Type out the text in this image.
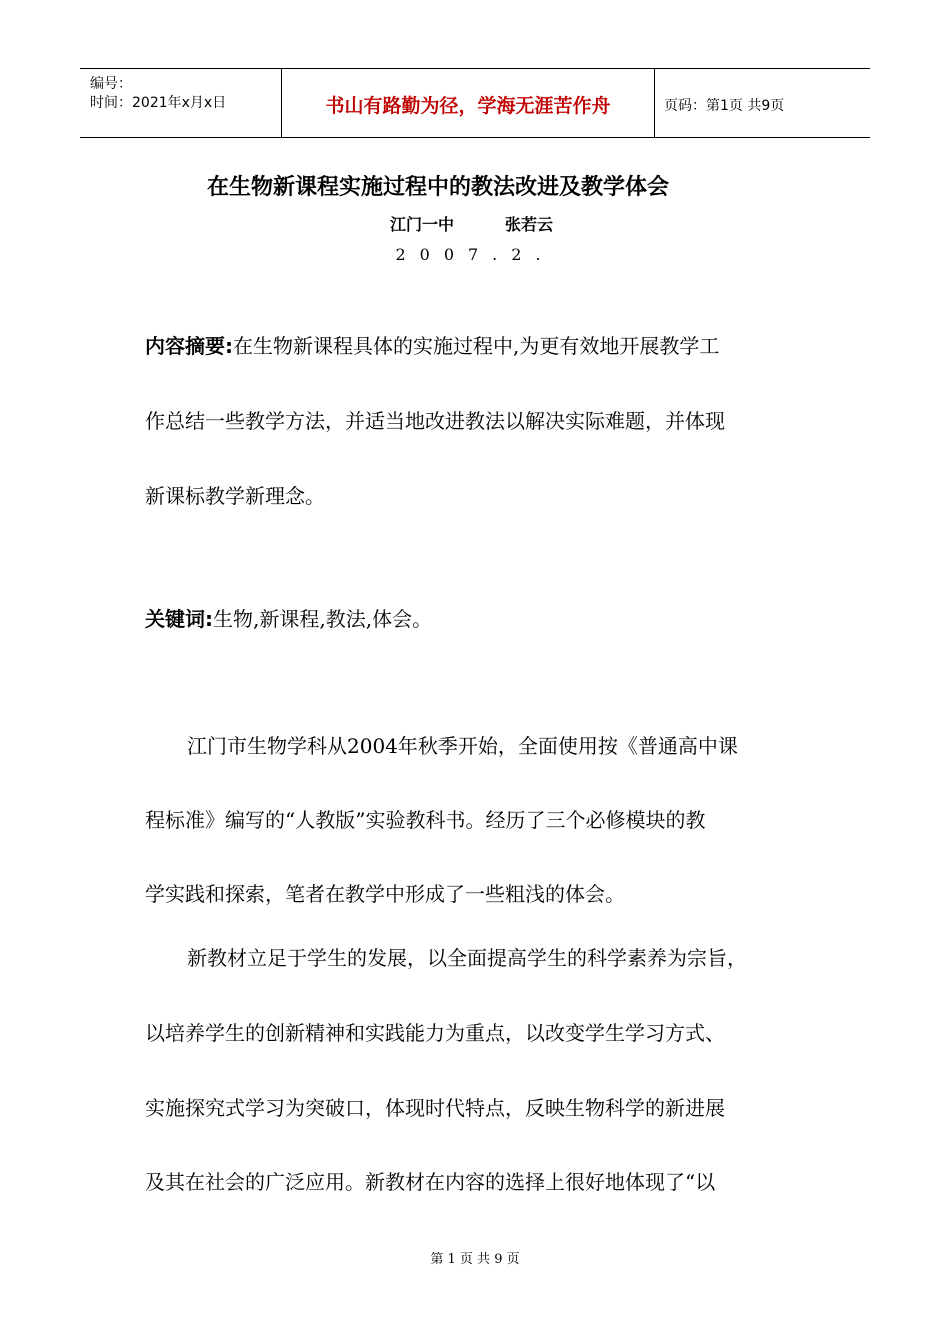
编号：
时间：2021年x月x日	书山有路勤为径，学海无涯苦作舟	页码：第1页 共9页
在生物新课程实施过程中的教法改进及教学体会
江门一中	张若云
2007.2.
内容摘要:在生物新课程具体的实施过程中,为更有效地开展教学工
作总结一些教学方法，并适当地改进教法以解决实际难题，并体现
新课标教学新理念。
关键词:生物,新课程,教法,体会。
江门市生物学科从2004年秋季开始，全面使用按《普通高中课
程标准》编写的“人教版”实验教科书。经历了三个必修模块的教
学实践和探索，笔者在教学中形成了一些粗浅的体会。
新教材立足于学生的发展，以全面提高学生的科学素养为宗旨，
以培养学生的创新精神和实践能力为重点，以改变学生学习方式、
实施探究式学习为突破口，体现时代特点，反映生物科学的新进展
及其在社会的广泛应用。新教材在内容的选择上很好地体现了“以
第 1 页 共 9 页
